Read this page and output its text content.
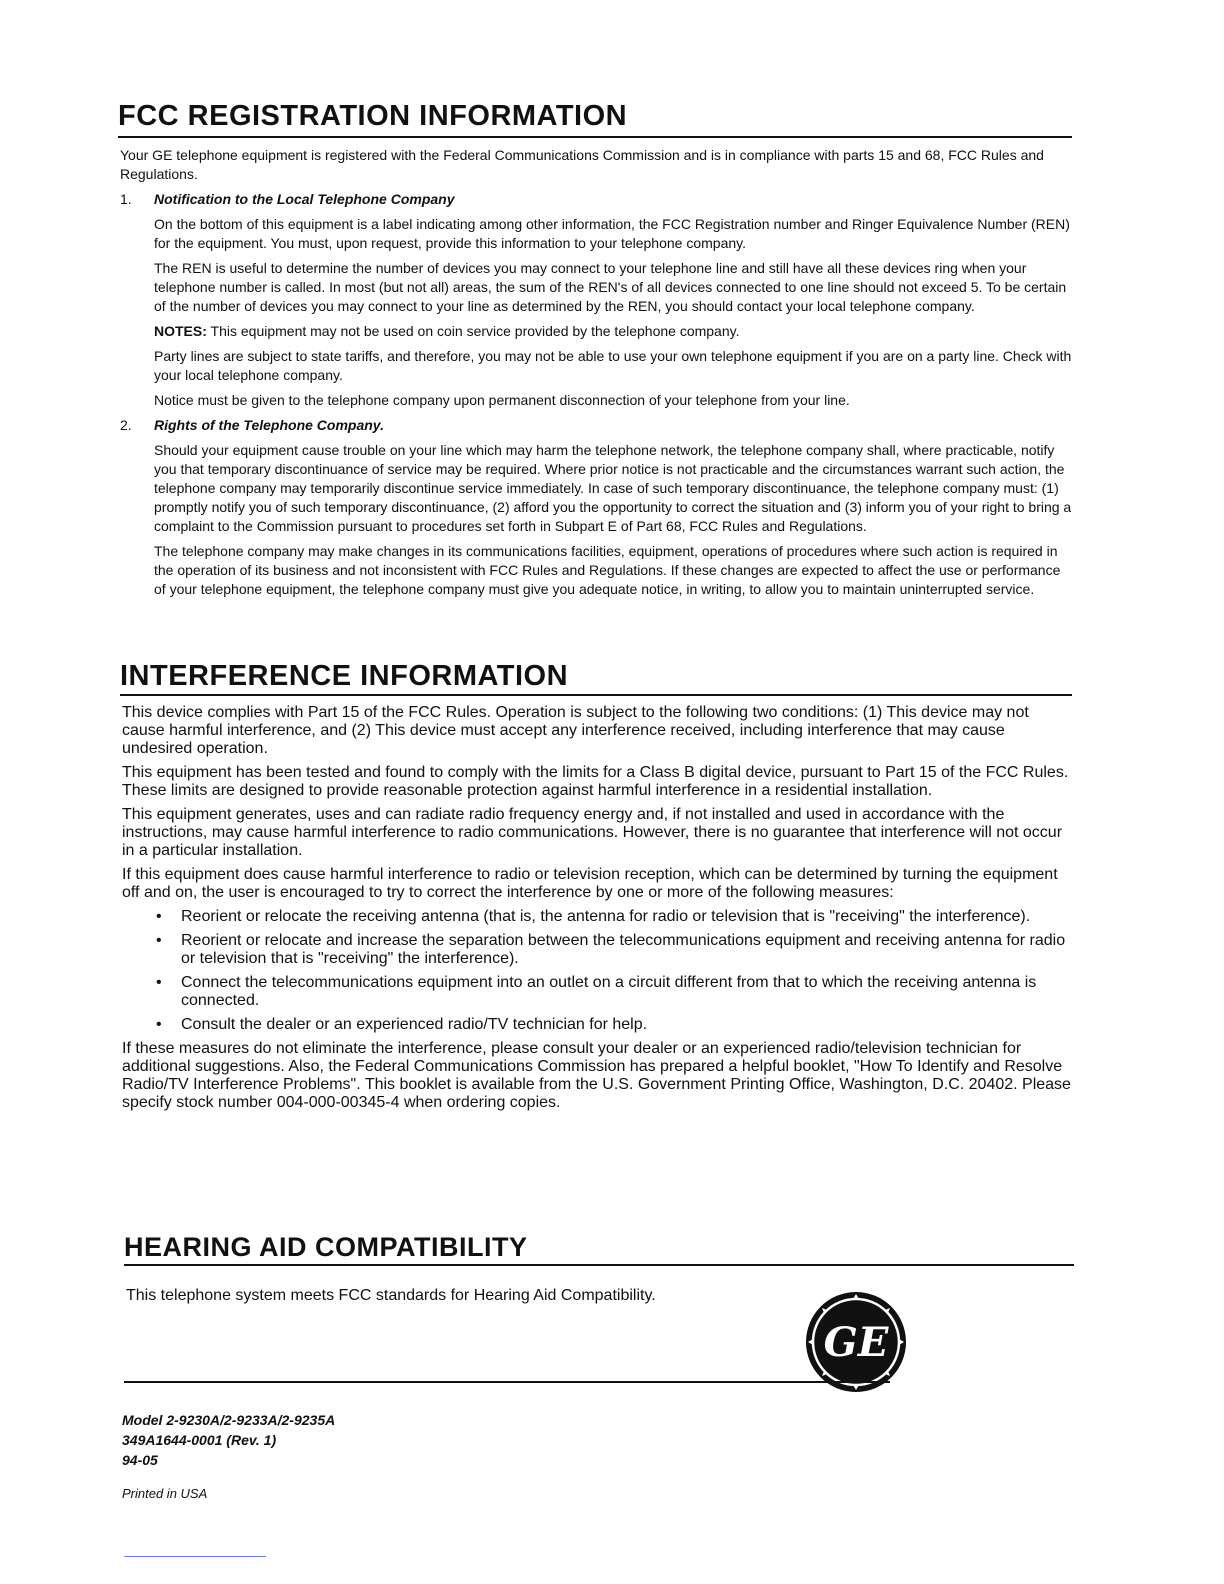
FCC REGISTRATION INFORMATION

Your GE telephone equipment is registered with the Federal Communications Commission and is in compliance with parts 15 and 68, FCC Rules and Regulations.

1. Notification to the Local Telephone Company

On the bottom of this equipment is a label indicating among other information, the FCC Registration number and Ringer Equivalence Number (REN) for the equipment. You must, upon request, provide this information to your telephone company.

The REN is useful to determine the number of devices you may connect to your telephone line and still have all these devices ring when your telephone number is called. In most (but not all) areas, the sum of the REN's of all devices connected to one line should not exceed 5. To be certain of the number of devices you may connect to your line as determined by the REN, you should contact your local telephone company.

NOTES: This equipment may not be used on coin service provided by the telephone company.

Party lines are subject to state tariffs, and therefore, you may not be able to use your own telephone equipment if you are on a party line. Check with your local telephone company.

Notice must be given to the telephone company upon permanent disconnection of your telephone from your line.

2. Rights of the Telephone Company.

Should your equipment cause trouble on your line which may harm the telephone network, the telephone company shall, where practicable, notify you that temporary discontinuance of service may be required. Where prior notice is not practicable and the circumstances warrant such action, the telephone company may temporarily discontinue service immediately. In case of such temporary discontinuance, the telephone company must: (1) promptly notify you of such temporary discontinuance, (2) afford you the opportunity to correct the situation and (3) inform you of your right to bring a complaint to the Commission pursuant to procedures set forth in Subpart E of Part 68, FCC Rules and Regulations.

The telephone company may make changes in its communications facilities, equipment, operations of procedures where such action is required in the operation of its business and not inconsistent with FCC Rules and Regulations. If these changes are expected to affect the use or performance of your telephone equipment, the telephone company must give you adequate notice, in writing, to allow you to maintain uninterrupted service.

INTERFERENCE INFORMATION

This device complies with Part 15 of the FCC Rules. Operation is subject to the following two conditions: (1) This device may not cause harmful interference, and (2) This device must accept any interference received, including interference that may cause undesired operation.

This equipment has been tested and found to comply with the limits for a Class B digital device, pursuant to Part 15 of the FCC Rules. These limits are designed to provide reasonable protection against harmful interference in a residential installation.

This equipment generates, uses and can radiate radio frequency energy and, if not installed and used in accordance with the instructions, may cause harmful interference to radio communications. However, there is no guarantee that interference will not occur in a particular installation.

If this equipment does cause harmful interference to radio or television reception, which can be determined by turning the equipment off and on, the user is encouraged to try to correct the interference by one or more of the following measures:

• Reorient or relocate the receiving antenna (that is, the antenna for radio or television that is "receiving" the interference).
• Reorient or relocate and increase the separation between the telecommunications equipment and receiving antenna for radio or television that is "receiving" the interference).
• Connect the telecommunications equipment into an outlet on a circuit different from that to which the receiving antenna is connected.
• Consult the dealer or an experienced radio/TV technician for help.

If these measures do not eliminate the interference, please consult your dealer or an experienced radio/television technician for additional suggestions. Also, the Federal Communications Commission has prepared a helpful booklet, "How To Identify and Resolve Radio/TV Interference Problems". This booklet is available from the U.S. Government Printing Office, Washington, D.C. 20402. Please specify stock number 004-000-00345-4 when ordering copies.

HEARING AID COMPATIBILITY
This telephone system meets FCC standards for Hearing Aid Compatibility.
GE
Model 2-9230A/2-9233A/2-9235A
349A1644-0001 (Rev. 1)
94-05
Printed in USA
